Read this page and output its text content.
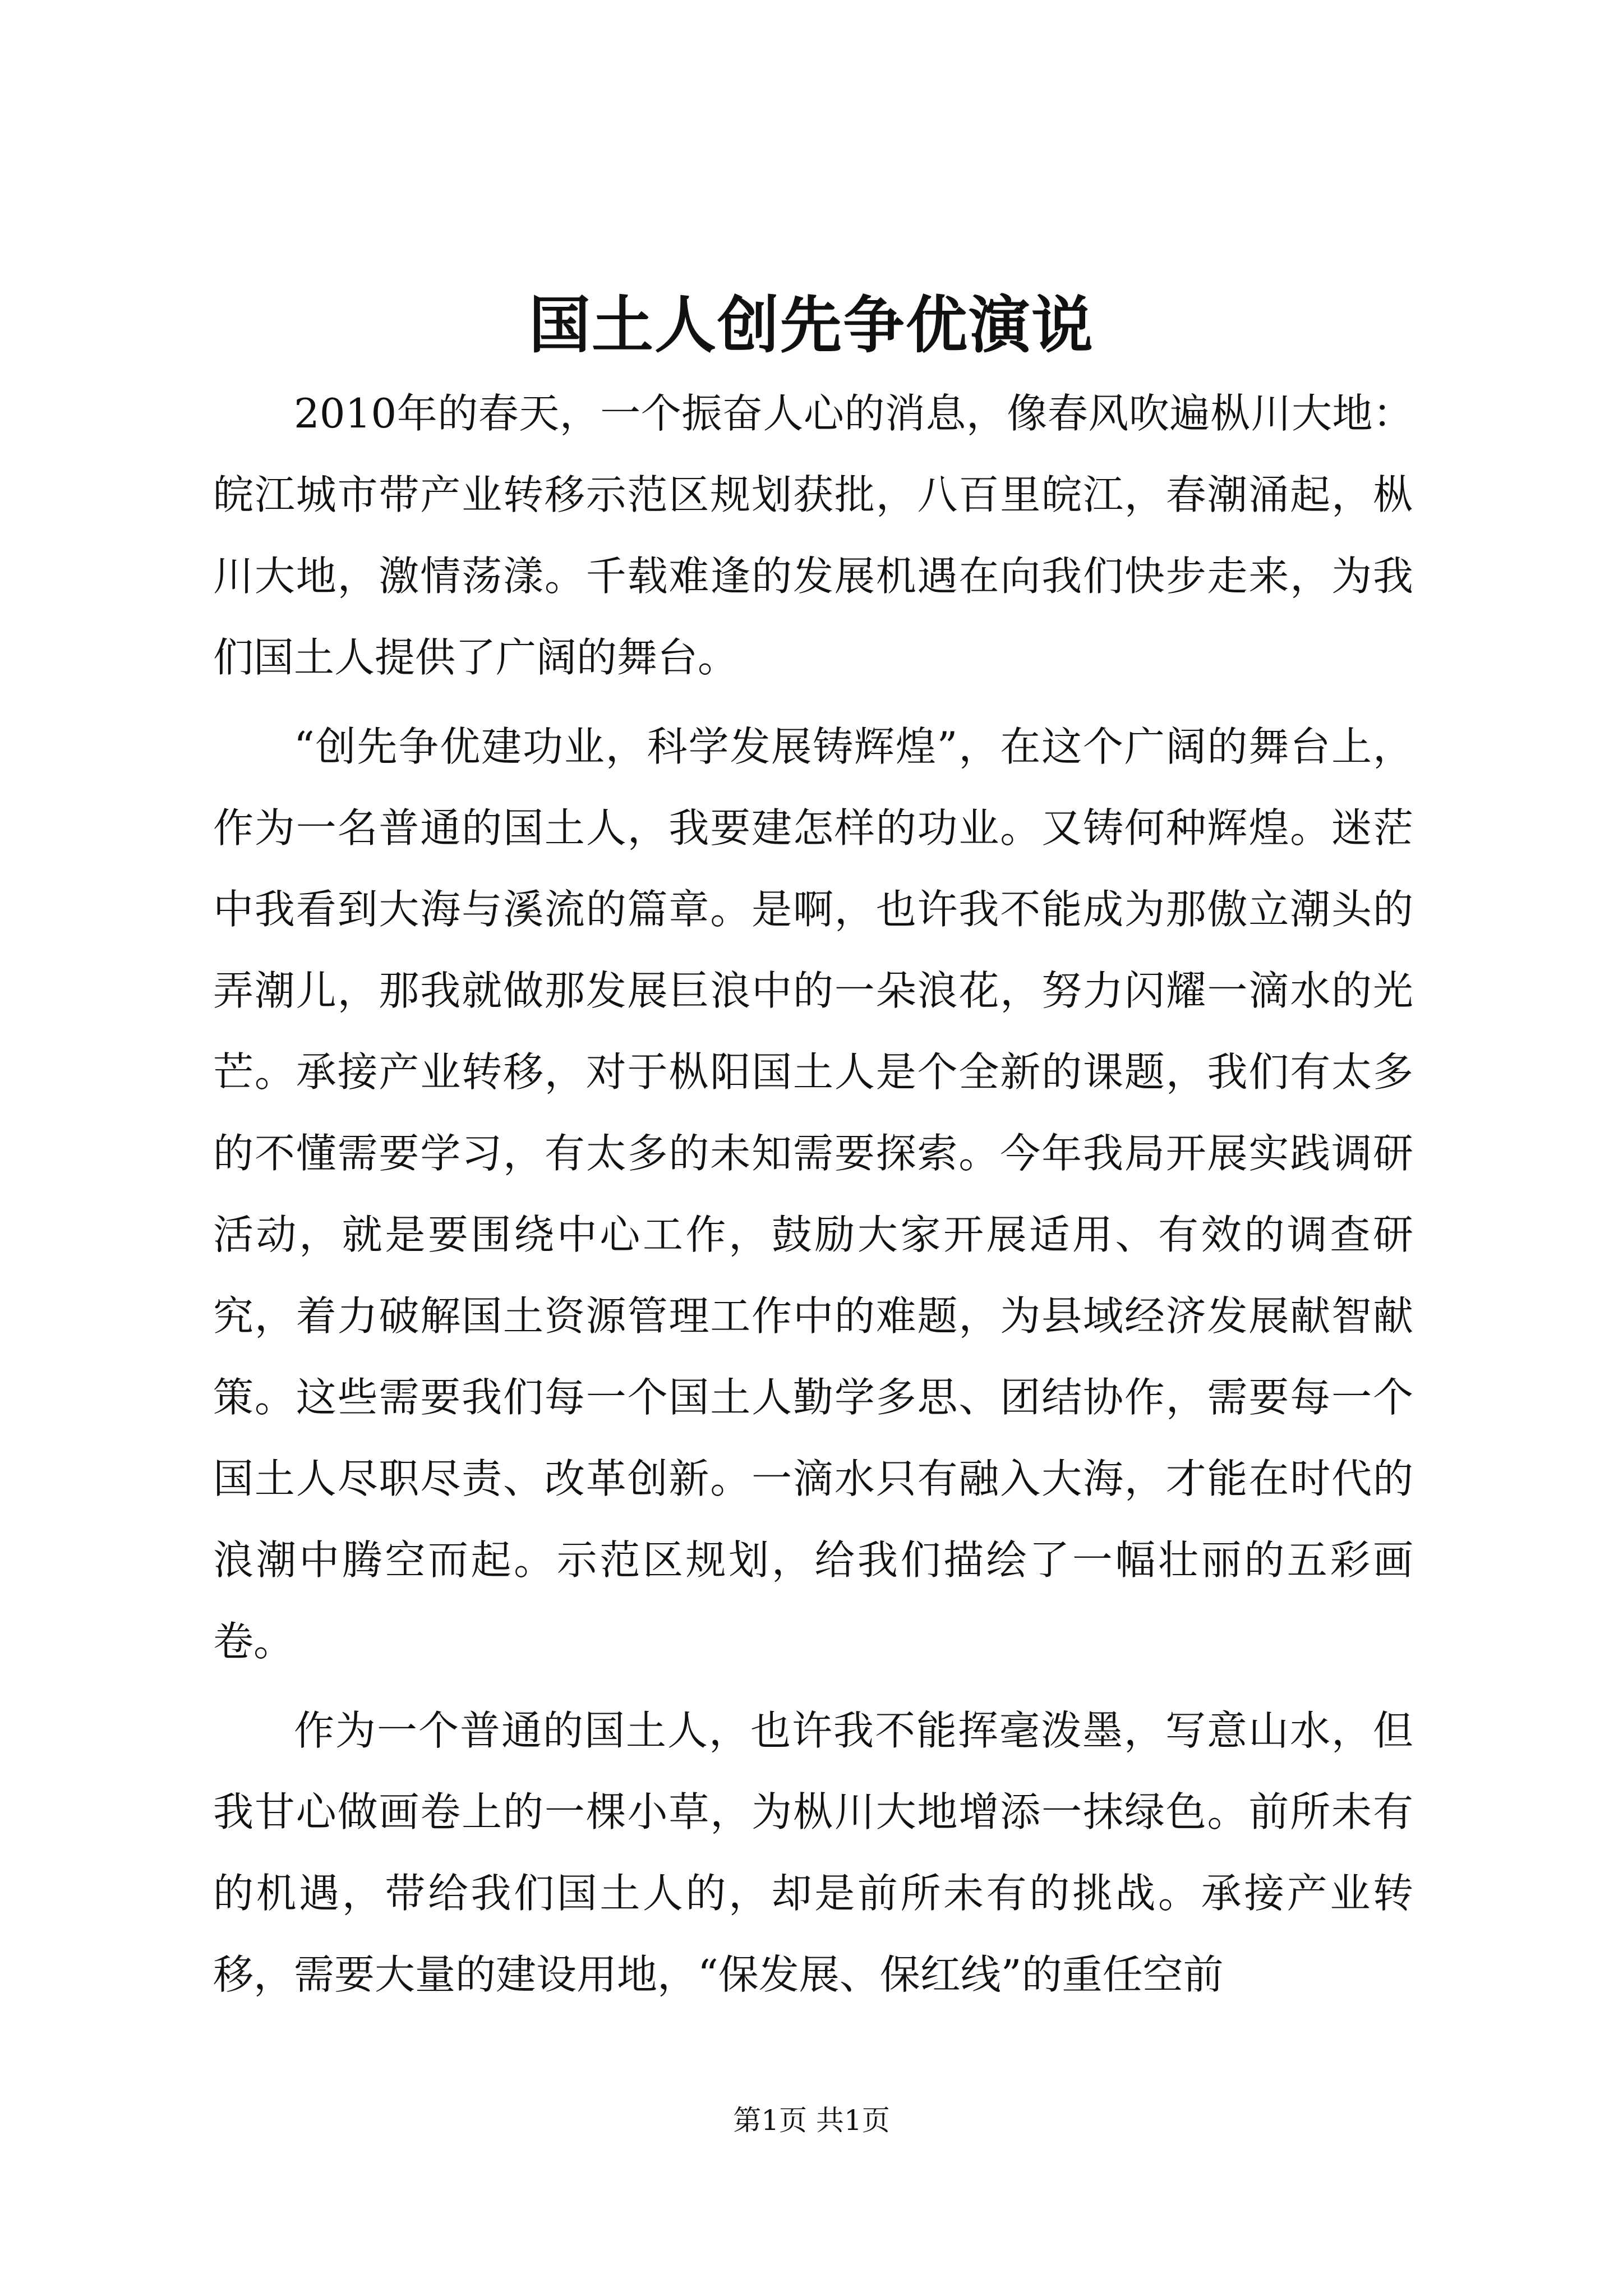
国土人创先争优演说

2010年的春天，一个振奋人心的消息，像春风吹遍枞川大地：皖江城市带产业转移示范区规划获批，八百里皖江，春潮涌起，枞川大地，激情荡漾。千载难逢的发展机遇在向我们快步走来，为我们国土人提供了广阔的舞台。

“创先争优建功业，科学发展铸辉煌”，在这个广阔的舞台上，作为一名普通的国土人，我要建怎样的功业。又铸何种辉煌。迷茫中我看到大海与溪流的篇章。是啊，也许我不能成为那傲立潮头的弄潮儿，那我就做那发展巨浪中的一朵浪花，努力闪耀一滴水的光芒。承接产业转移，对于枞阳国土人是个全新的课题，我们有太多的不懂需要学习，有太多的未知需要探索。今年我局开展实践调研活动，就是要围绕中心工作，鼓励大家开展适用、有效的调查研究，着力破解国土资源管理工作中的难题，为县域经济发展献智献策。这些需要我们每一个国土人勤学多思、团结协作，需要每一个国土人尽职尽责、改革创新。一滴水只有融入大海，才能在时代的浪潮中腾空而起。示范区规划，给我们描绘了一幅壮丽的五彩画卷。

作为一个普通的国土人，也许我不能挥毫泼墨，写意山水，但我甘心做画卷上的一棵小草，为枞川大地增添一抹绿色。前所未有的机遇，带给我们国土人的，却是前所未有的挑战。承接产业转移，需要大量的建设用地，“保发展、保红线”的重任空前

第1页 共1页
